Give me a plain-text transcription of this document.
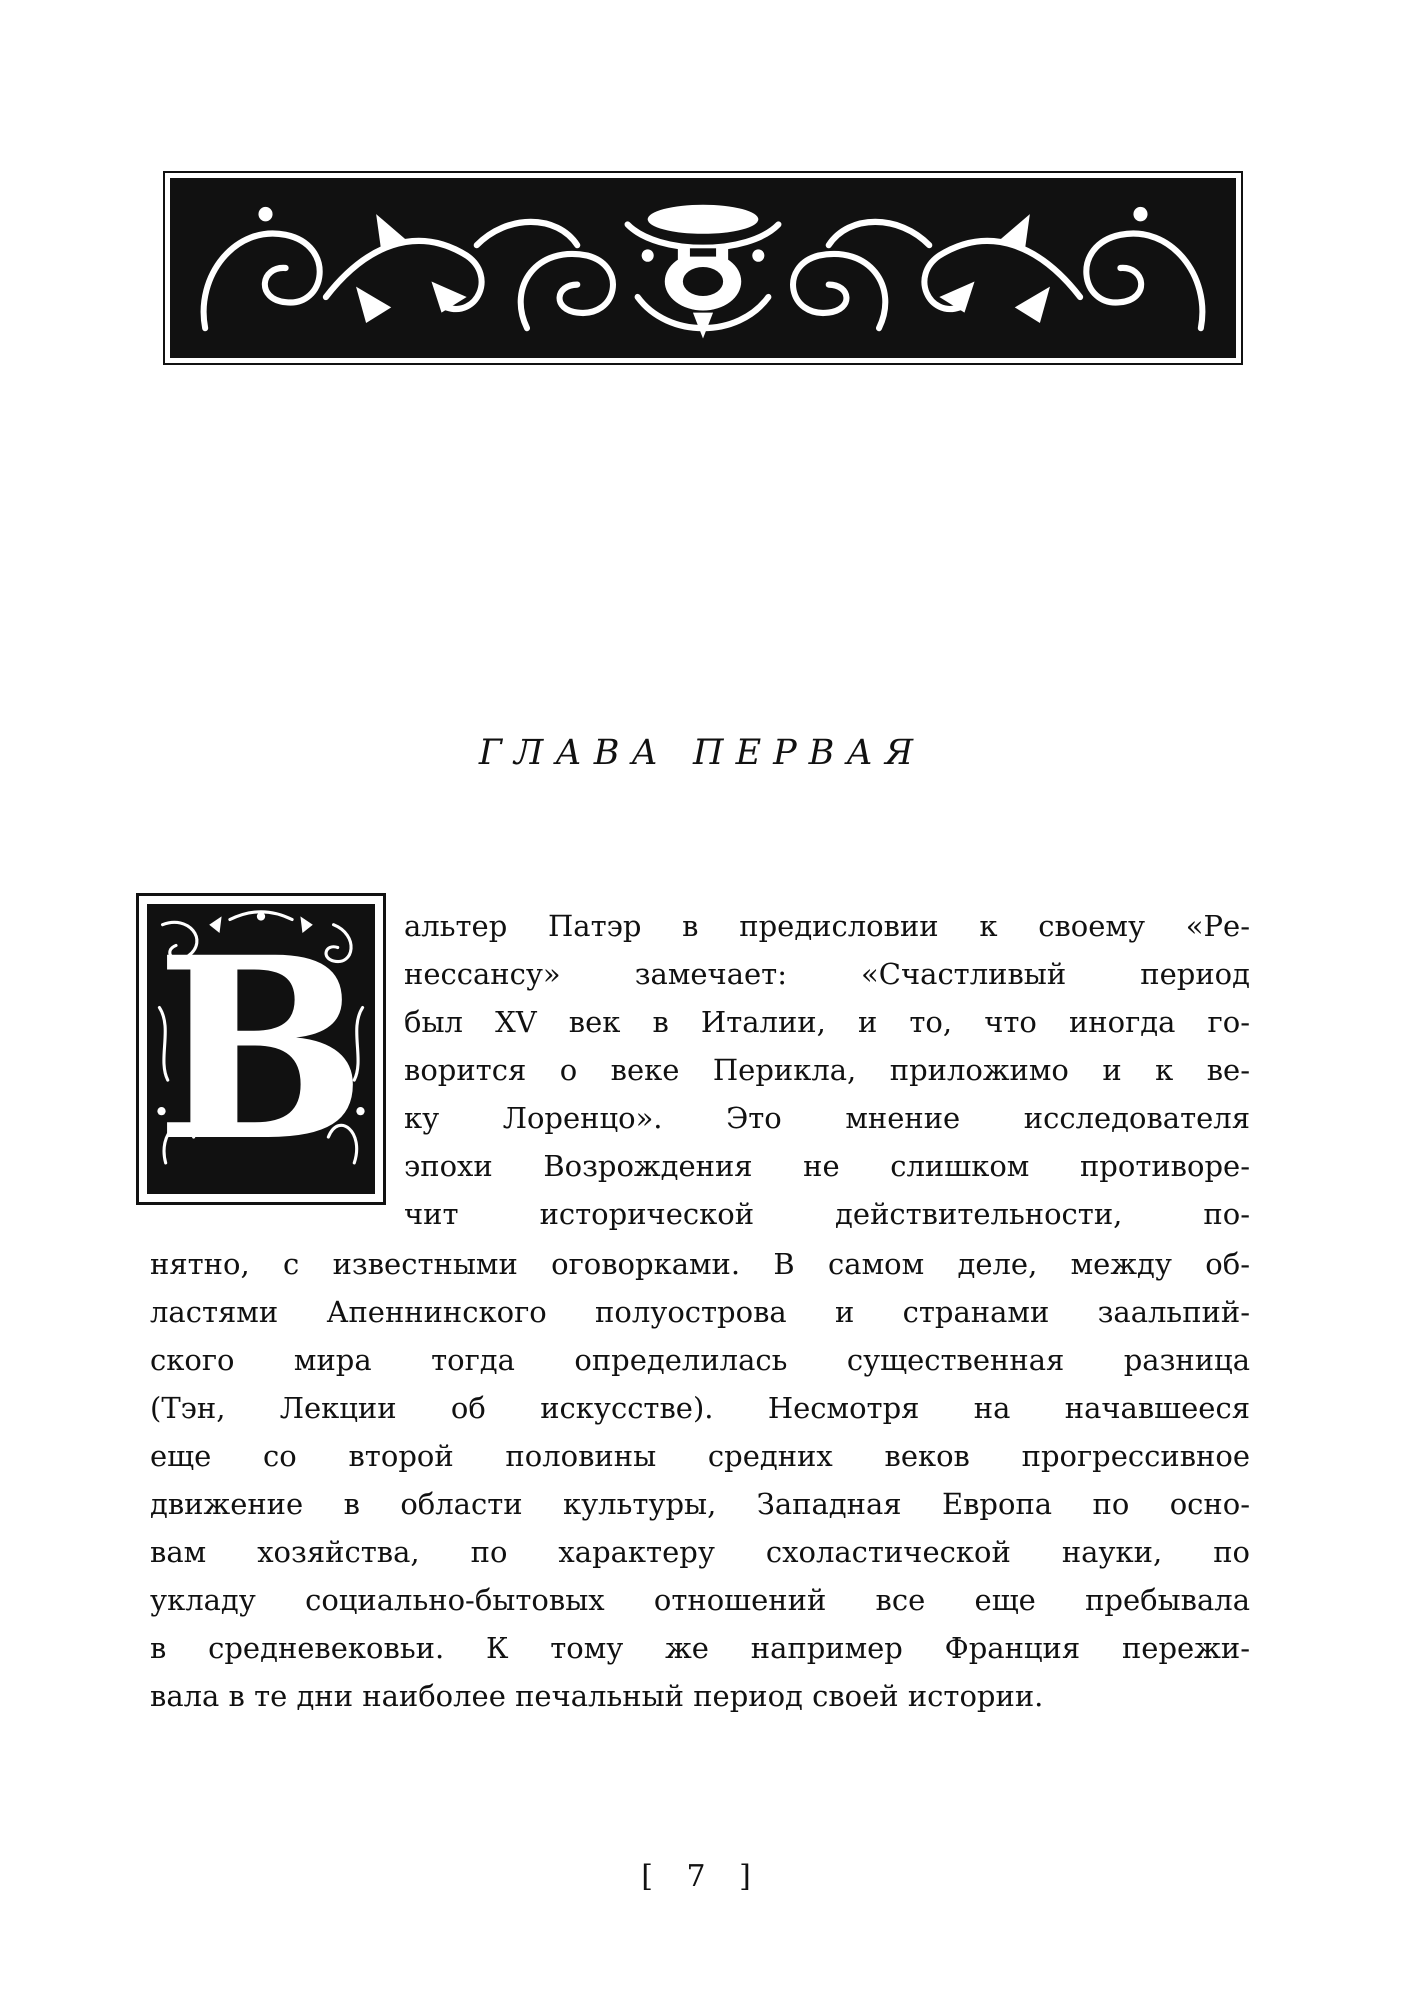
ГЛАВА ПЕРВАЯ
В альтер Патэр в предисловии к своему «Ре-
нессансу» замечает: «Счастливый период
был XV век в Италии, и то, что иногда го-
ворится о веке Перикла, приложимо и к ве-
ку Лоренцо». Это мнение исследователя
эпохи Возрождения не слишком противоре-
чит исторической действительности, по-
нятно, с известными оговорками. В самом деле, между об-
ластями Апеннинского полуострова и странами заальпий-
ского мира тогда определилась существенная разница
(Тэн, Лекции об искусстве). Несмотря на начавшееся
еще со второй половины средних веков прогрессивное
движение в области культуры, Западная Европа по осно-
вам хозяйства, по характеру схоластической науки, по
укладу социально-бытовых отношений все еще пребывала
в средневековьи. К тому же например Франция пережи-
вала в те дни наиболее печальный период своей истории.
[ 7 ]
